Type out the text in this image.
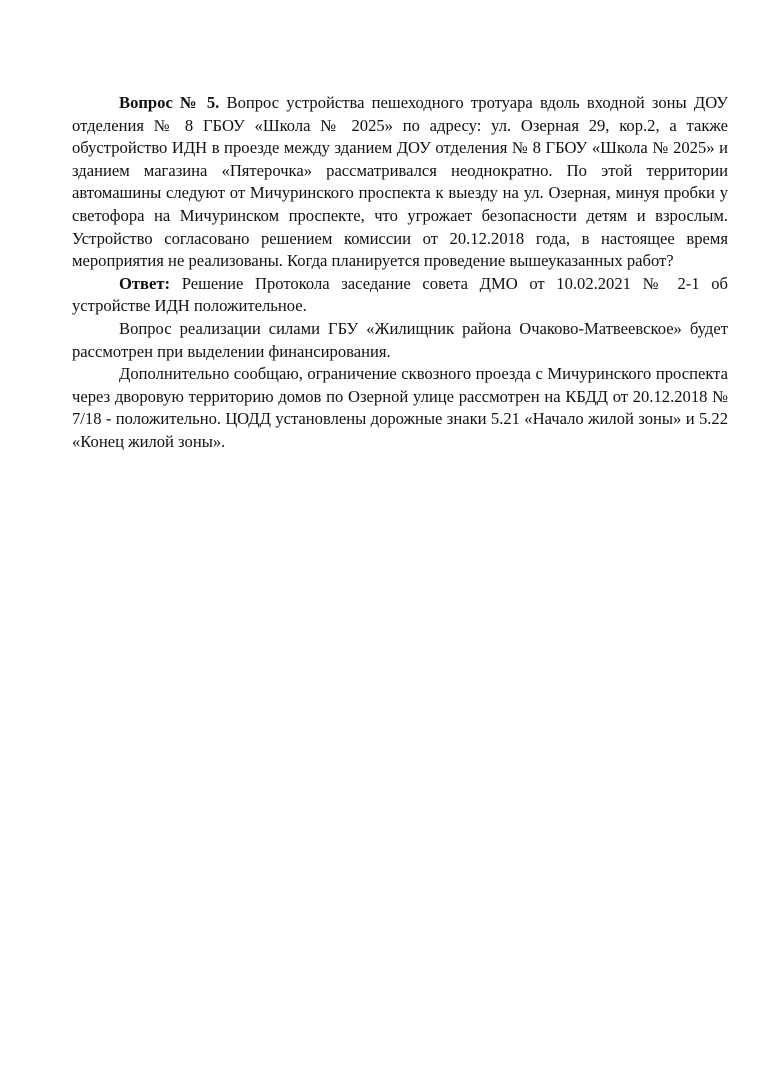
Вопрос № 5. Вопрос устройства пешеходного тротуара вдоль входной зоны ДОУ отделения № 8 ГБОУ «Школа № 2025» по адресу: ул. Озерная 29, кор.2, а также обустройство ИДН в проезде между зданием ДОУ отделения № 8 ГБОУ «Школа № 2025» и зданием магазина «Пятерочка» рассматривался неоднократно. По этой территории автомашины следуют от Мичуринского проспекта к выезду на ул. Озерная, минуя пробки у светофора на Мичуринском проспекте, что угрожает безопасности детям и взрослым. Устройство согласовано решением комиссии от 20.12.2018 года, в настоящее время мероприятия не реализованы. Когда планируется проведение вышеуказанных работ?

Ответ: Решение Протокола заседание совета ДМО от 10.02.2021 № 2-1 об устройстве ИДН положительное.

Вопрос реализации силами ГБУ «Жилищник района Очаково-Матвеевское» будет рассмотрен при выделении финансирования.

Дополнительно сообщаю, ограничение сквозного проезда с Мичуринского проспекта через дворовую территорию домов по Озерной улице рассмотрен на КБДД от 20.12.2018 № 7/18 - положительно. ЦОДД установлены дорожные знаки 5.21 «Начало жилой зоны» и 5.22 «Конец жилой зоны».
